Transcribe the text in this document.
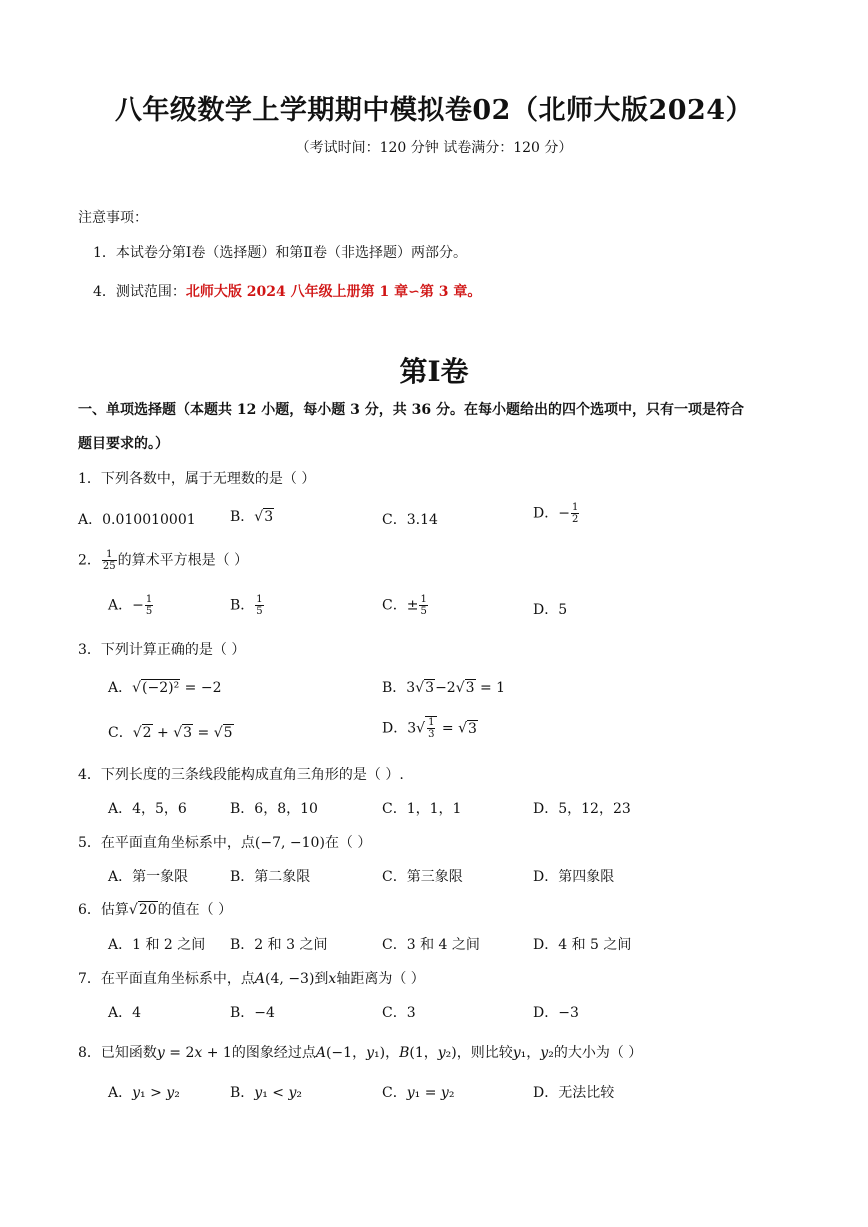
八年级数学上学期期中模拟卷02（北师大版2024）
（考试时间：120 分钟 试卷满分：120 分）
注意事项：
1．本试卷分第Ⅰ卷（选择题）和第Ⅱ卷（非选择题）两部分。
4．测试范围：北师大版 2024 八年级上册第 1 章∽第 3 章。
第Ⅰ卷
一、单项选择题（本题共 12 小题，每小题 3 分，共 36 分。在每小题给出的四个选项中，只有一项是符合
题目要求的。）
1．下列各数中，属于无理数的是（ ）
A．0.010010001 B．√3	C．3.14	D．− $\frac{1}{2}$
2． $\frac{1}{25}$ 的算术平方根是（ ）
A．− $\frac{1}{5}$	B． $\frac{1}{5}$	C．± $\frac{1}{5}$	D．5
3．下列计算正确的是（ ）
A．√(−2)² = −2	B．3√3−2√3 = 1
C．√2 + √3 = √5	D．$3√ \frac{1}{3} = √3$
4．下列长度的三条线段能构成直角三角形的是（ ）.
A．4，5，6	B．6，8，10	C．1，1，1	D．5，12，23
5．在平面直角坐标系中，点(−7, −10)在（ ）
A．第一象限	B．第二象限	C．第三象限	D．第四象限
6．估算√20的值在（ ）
A．1 和 2 之间 B．2 和 3 之间	C．3 和 4 之间	D．4 和 5 之间
7．在平面直角坐标系中，点A(4, −3)到x轴距离为（ ）
A．4	B．−4	C．3	D．−3
8．已知函数y = 2x + 1的图象经过点A(−1，y₁)，B(1，y₂)，则比较y₁，y₂的大小为（ ）
A．y₁ > y₂	B．y₁ < y₂	C．y₁ = y₂	D．无法比较
